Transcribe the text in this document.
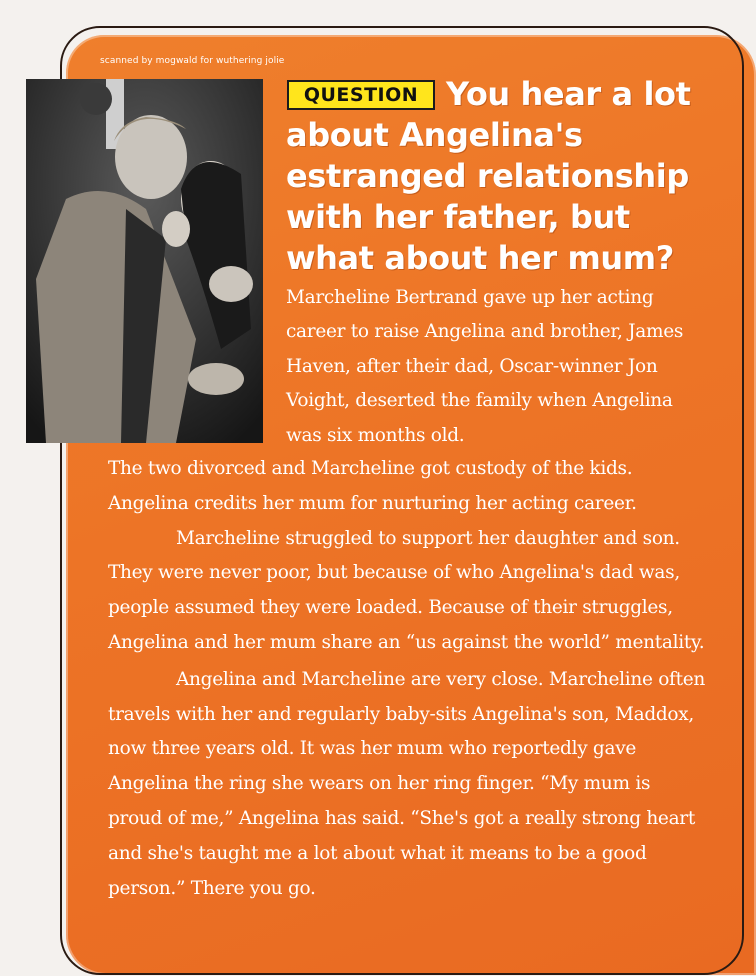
scanned by mogwald for wuthering jolie
QUESTION You hear a lot about Angelina's estranged relationship with her father, but what about her mum?
Marcheline Bertrand gave up her acting career to raise Angelina and brother, James Haven, after their dad, Oscar-winner Jon Voight, deserted the family when Angelina was six months old.

The two divorced and Marcheline got custody of the kids. Angelina credits her mum for nurturing her acting career.

Marcheline struggled to support her daughter and son. They were never poor, but because of who Angelina's dad was, people assumed they were loaded. Because of their struggles, Angelina and her mum share an “us against the world” mentality.

Angelina and Marcheline are very close. Marcheline often travels with her and regularly baby-sits Angelina's son, Maddox, now three years old. It was her mum who reportedly gave Angelina the ring she wears on her ring finger. “My mum is proud of me,” Angelina has said. “She's got a really strong heart and she's taught me a lot about what it means to be a good person.” There you go.
